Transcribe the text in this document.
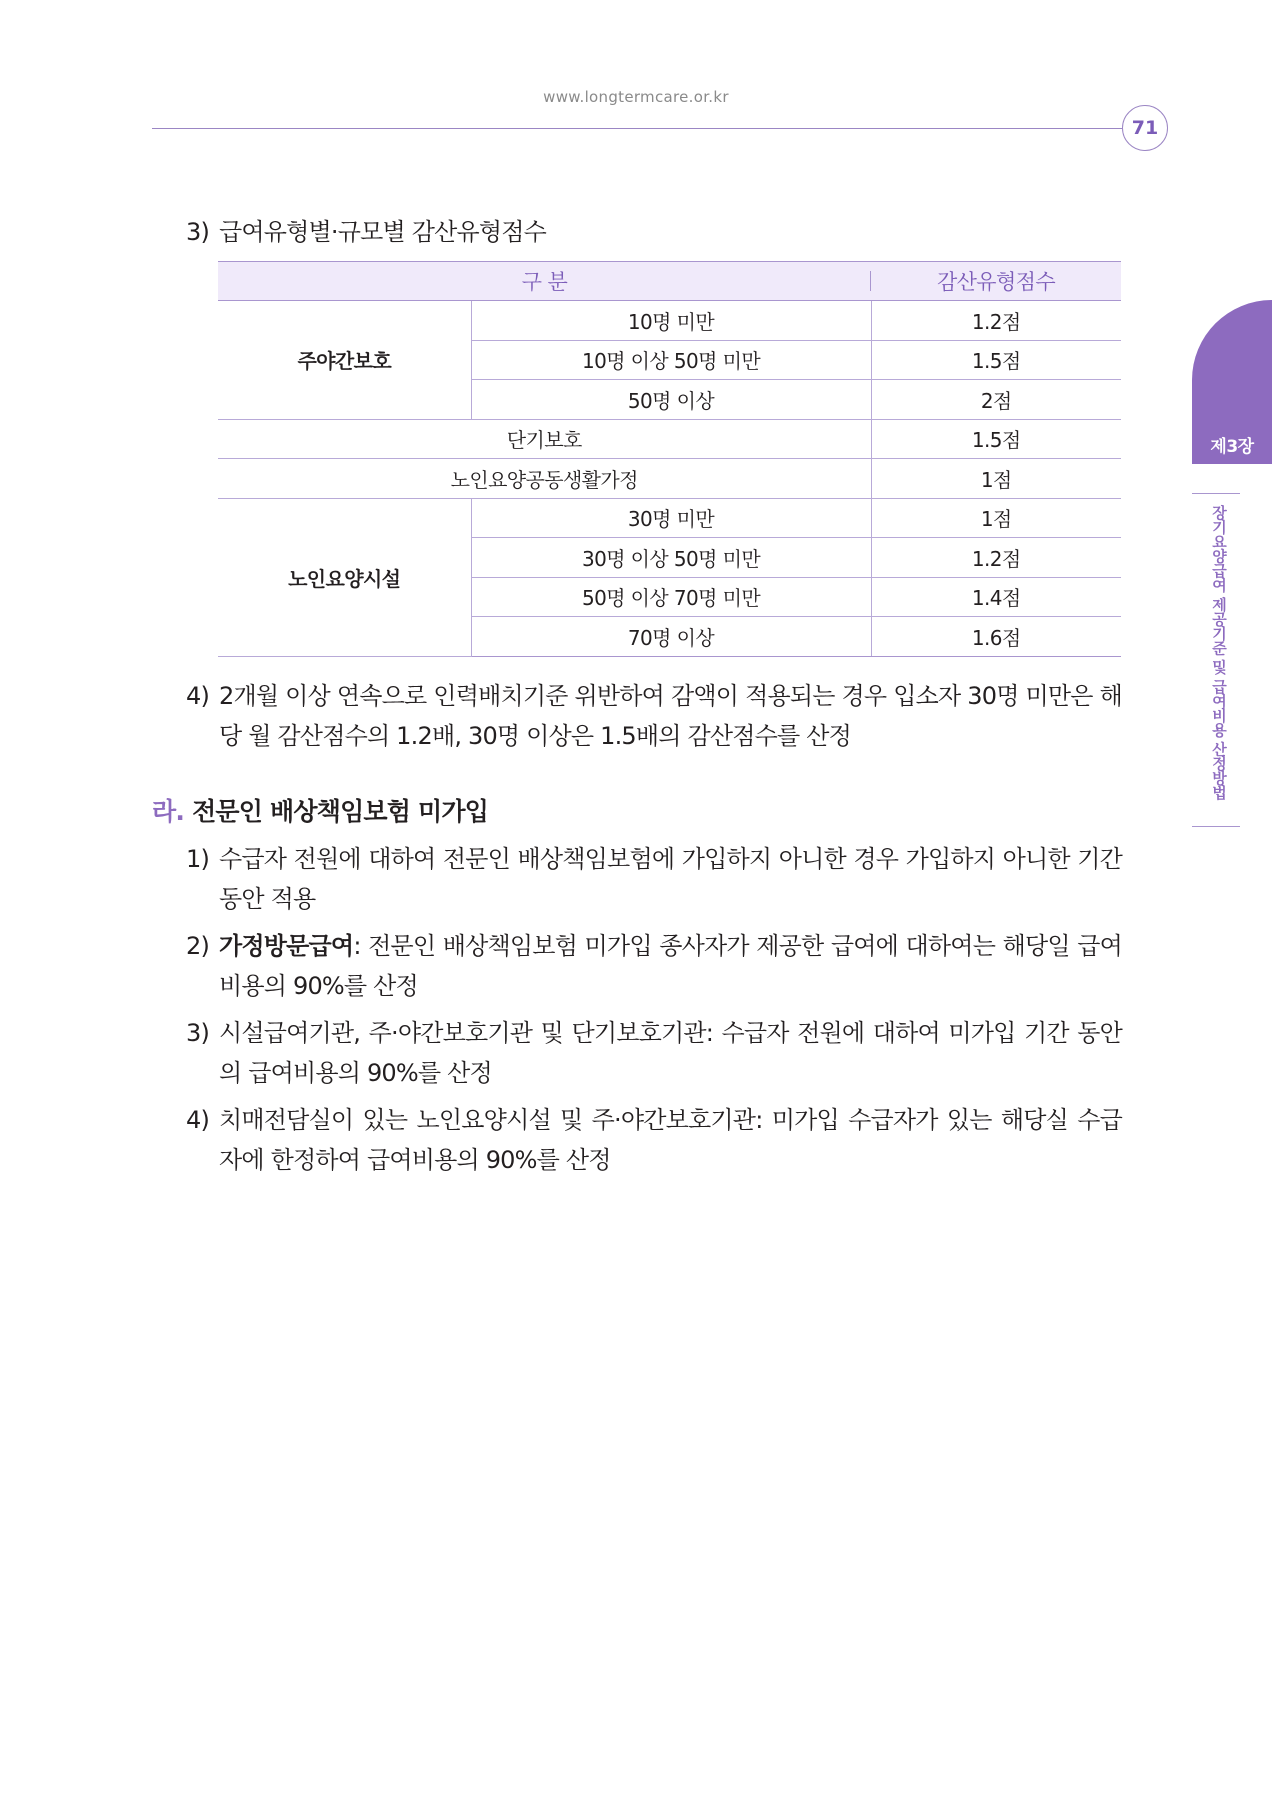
www.longtermcare.or.kr
71
제3장
장기요양급여 제공기준 및 급여비용 산정방법
3) 급여유형별·규모별 감산유형점수
구 분		감산유형점수
주야간보호	10명 미만	1.2점
	10명 이상 50명 미만	1.5점
	50명 이상	2점
단기보호		1.5점
노인요양공동생활가정		1점
노인요양시설	30명 미만	1점
	30명 이상 50명 미만	1.2점
	50명 이상 70명 미만	1.4점
	70명 이상	1.6점
4) 2개월 이상 연속으로 인력배치기준 위반하여 감액이 적용되는 경우 입소자 30명 미만은 해당 월 감산점수의 1.2배, 30명 이상은 1.5배의 감산점수를 산정
라. 전문인 배상책임보험 미가입
1) 수급자 전원에 대하여 전문인 배상책임보험에 가입하지 아니한 경우 가입하지 아니한 기간 동안 적용
2) 가정방문급여: 전문인 배상책임보험 미가입 종사자가 제공한 급여에 대하여는 해당일 급여비용의 90%를 산정
3) 시설급여기관, 주·야간보호기관 및 단기보호기관: 수급자 전원에 대하여 미가입 기간 동안의 급여비용의 90%를 산정
4) 치매전담실이 있는 노인요양시설 및 주·야간보호기관: 미가입 수급자가 있는 해당실 수급자에 한정하여 급여비용의 90%를 산정
